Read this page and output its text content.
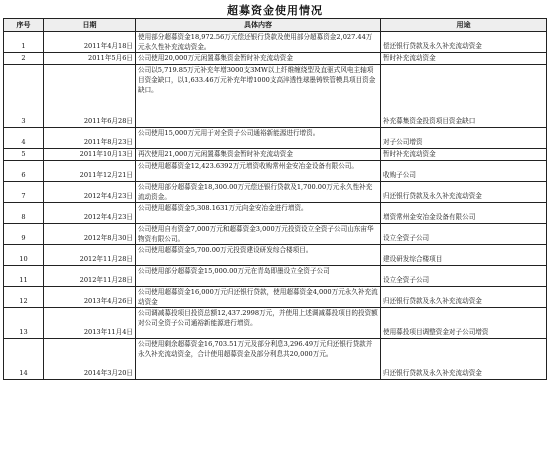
超募资金使用情况
序号	日期	具体内容	用途
1	2011年4月18日	使用部分超募资金18,972.56万元偿还银行贷款及使用部分超募资金2,027.44万元永久性补充流动资金。	偿还银行贷款及永久补充流动资金
2	2011年5月6日	公司使用20,000万元闲置募集资金暂时补充流动资金	暂时补充流动资金
3	2011年6月28日	公司以5,719.85万元补充年增3000支3MW以上纤维缠绕型及直驱式风电主轴项目资金缺口，以1,633.46万元补充年增1000支高淬透性球墨铸铁管模具项目资金缺口。	补充募集资金投资项目资金缺口
4	2011年8月23日	公司使用15,000万元用于对全资子公司通裕新能源进行增资。	对子公司增资
5	2011年10月13日	再次使用21,000万元闲置募集资金暂时补充流动资金	暂时补充流动资金
6	2011年12月21日	公司使用超募资金12,423.6392万元增资收购常州金安冶金设备有限公司。	收购子公司
7	2012年4月23日	公司使用部分超募资金18,300.00万元偿还银行贷款及1,700.00万元永久性补充流动资金。	归还银行贷款及永久补充流动资金
8	2012年4月23日	公司使用超募资金5,308.1631万元向金安冶金进行增资。	增资常州金安冶金设备有限公司
9	2012年8月30日	公司使用自有资金7,000万元和超募资金3,000万元投资设立全资子公司山东宙华物资有限公司。	设立全资子公司
10	2012年11月28日	公司使用超募资金5,700.00万元投资建设研发综合楼项目。	建设研发综合楼项目
11	2012年11月28日	公司使用部分超募资金15,000.00万元在青岛即墨设立全资子公司	设立全资子公司
12	2013年4月26日	公司使用超募资金16,000万元归还银行贷款，使用超募资金4,000万元永久补充流动资金	归还银行贷款及永久补充流动资金
13	2013年11月4日	公司调减募投项目投资总额12,437.2998万元，并使用上述调减募投项目的投资额对公司全资子公司通裕新能源进行增资。	使用募投项目调整资金对子公司增资
14	2014年3月20日	公司使用剩余超募资金16,703.51万元及部分利息3,296.49万元归还银行贷款并永久补充流动资金，合计使用超募资金及部分利息共20,000万元。	归还银行贷款及永久补充流动资金
